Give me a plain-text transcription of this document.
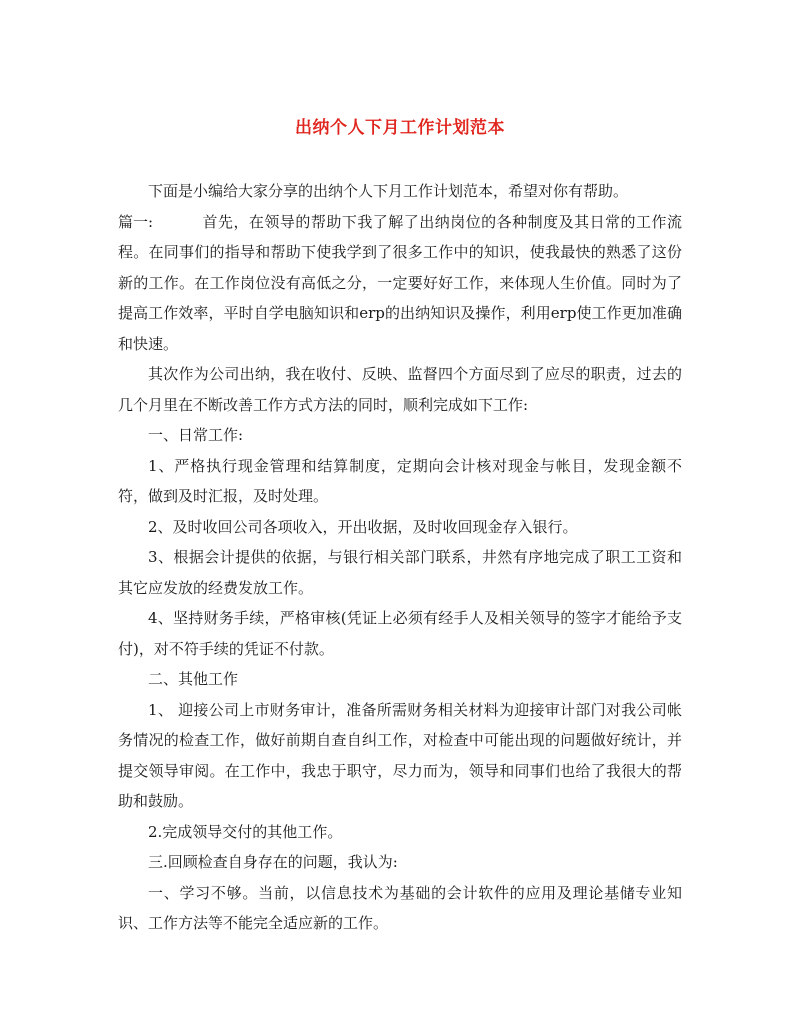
出纳个人下月工作计划范本

下面是小编给大家分享的出纳个人下月工作计划范本，希望对你有帮助。

篇一:	首先，在领导的帮助下我了解了出纳岗位的各种制度及其日常的工作流程。在同事们的指导和帮助下使我学到了很多工作中的知识，使我最快的熟悉了这份新的工作。在工作岗位没有高低之分，一定要好好工作，来体现人生价值。同时为了提高工作效率，平时自学电脑知识和erp的出纳知识及操作，利用erp使工作更加准确和快速。

其次作为公司出纳，我在收付、反映、监督四个方面尽到了应尽的职责，过去的几个月里在不断改善工作方式方法的同时，顺利完成如下工作:

一、日常工作:

1、严格执行现金管理和结算制度，定期向会计核对现金与帐目，发现金额不符，做到及时汇报，及时处理。

2、及时收回公司各项收入，开出收据，及时收回现金存入银行。

3、根据会计提供的依据，与银行相关部门联系，井然有序地完成了职工工资和其它应发放的经费发放工作。

4、坚持财务手续，严格审核(凭证上必须有经手人及相关领导的签字才能给予支付)，对不符手续的凭证不付款。

二、其他工作

1、 迎接公司上市财务审计，准备所需财务相关材料为迎接审计部门对我公司帐务情况的检查工作，做好前期自查自纠工作，对检查中可能出现的问题做好统计，并提交领导审阅。在工作中，我忠于职守，尽力而为，领导和同事们也给了我很大的帮助和鼓励。

2.完成领导交付的其他工作。

三.回顾检查自身存在的问题，我认为:

一、学习不够。当前，以信息技术为基础的会计软件的应用及理论基储专业知识、工作方法等不能完全适应新的工作。
